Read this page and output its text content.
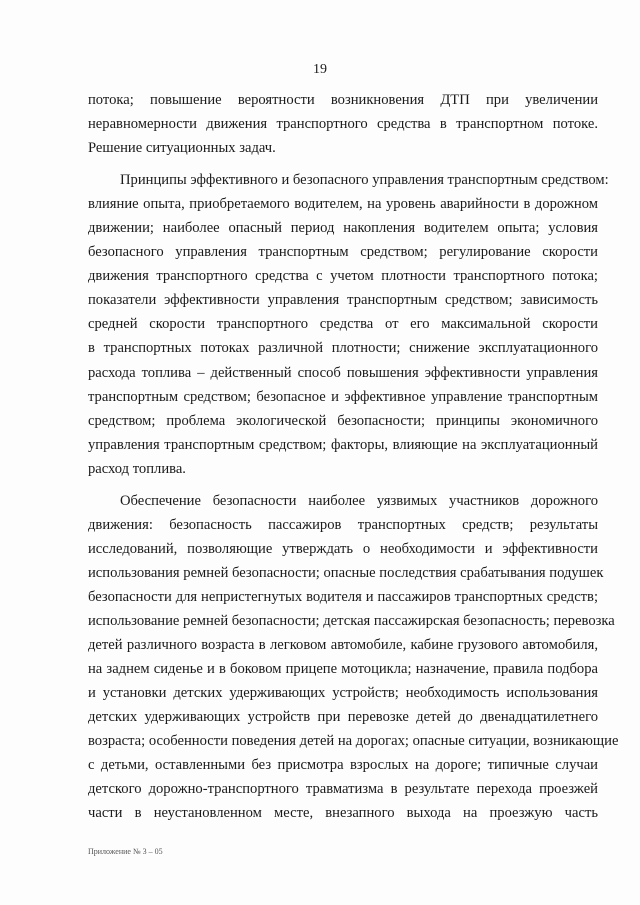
19

потока; повышение вероятности возникновения ДТП при увеличении
неравномерности движения транспортного средства в транспортном потоке.
Решение ситуационных задач.

Принципы эффективного и безопасного управления транспортным средством:
влияние опыта, приобретаемого водителем, на уровень аварийности в дорожном
движении; наиболее опасный период накопления водителем опыта; условия
безопасного управления транспортным средством; регулирование скорости
движения транспортного средства с учетом плотности транспортного потока;
показатели эффективности управления транспортным средством; зависимость
средней скорости транспортного средства от его максимальной скорости
в транспортных потоках различной плотности; снижение эксплуатационного
расхода топлива – действенный способ повышения эффективности управления
транспортным средством; безопасное и эффективное управление транспортным
средством; проблема экологической безопасности; принципы экономичного
управления транспортным средством; факторы, влияющие на эксплуатационный
расход топлива.

Обеспечение безопасности наиболее уязвимых участников дорожного
движения: безопасность пассажиров транспортных средств; результаты
исследований, позволяющие утверждать о необходимости и эффективности
использования ремней безопасности; опасные последствия срабатывания подушек
безопасности для непристегнутых водителя и пассажиров транспортных средств;
использование ремней безопасности; детская пассажирская безопасность; перевозка
детей различного возраста в легковом автомобиле, кабине грузового автомобиля,
на заднем сиденье и в боковом прицепе мотоцикла; назначение, правила подбора
и установки детских удерживающих устройств; необходимость использования
детских удерживающих устройств при перевозке детей до двенадцатилетнего
возраста; особенности поведения детей на дорогах; опасные ситуации, возникающие
с детьми, оставленными без присмотра взрослых на дороге; типичные случаи
детского дорожно-транспортного травматизма в результате перехода проезжей
части в неустановленном месте, внезапного выхода на проезжую часть

Приложение № 3 – 05
